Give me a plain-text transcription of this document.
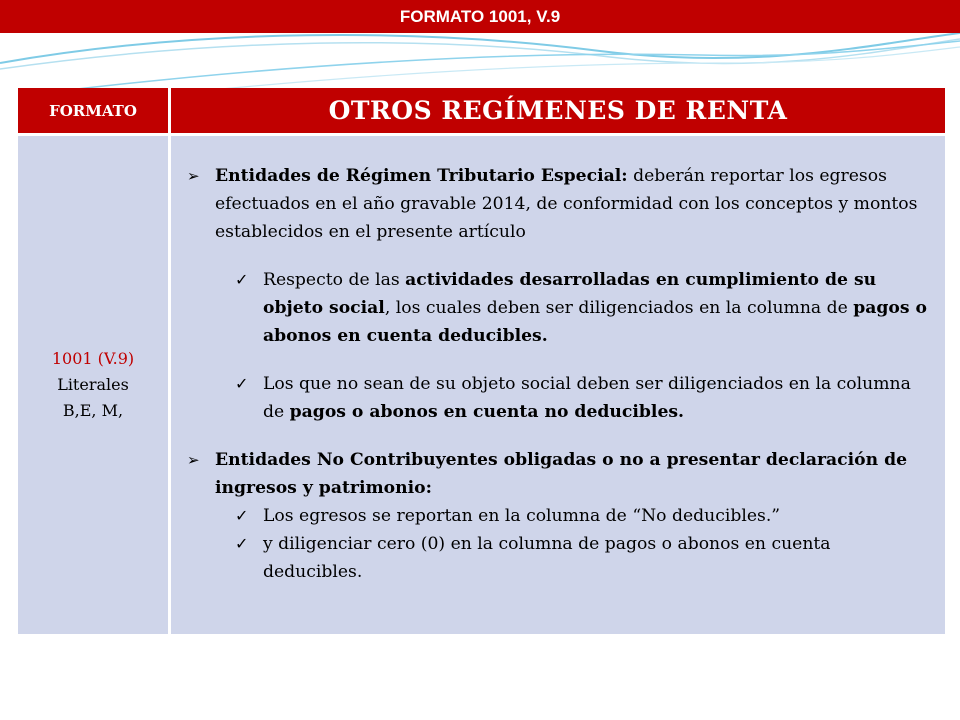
FORMATO 1001, V.9
FORMATO	OTROS REGÍMENES DE RENTA
1001 (V.9)
Literales
B,E, M,
➢ Entidades de Régimen Tributario Especial: deberán reportar los egresos efectuados en el año gravable 2014, de conformidad con los conceptos y montos establecidos en el presente artículo
✓ Respecto de las actividades desarrolladas en cumplimiento de su objeto social, los cuales deben ser diligenciados en la columna de pagos o abonos en cuenta deducibles.
✓ Los que no sean de su objeto social deben ser diligenciados en la columna de pagos o abonos en cuenta no deducibles.
➢ Entidades No Contribuyentes obligadas o no a presentar declaración de ingresos y patrimonio:
✓ Los egresos se reportan en la columna de “No deducibles.”
✓ y diligenciar cero (0) en la columna de pagos o abonos en cuenta deducibles.
